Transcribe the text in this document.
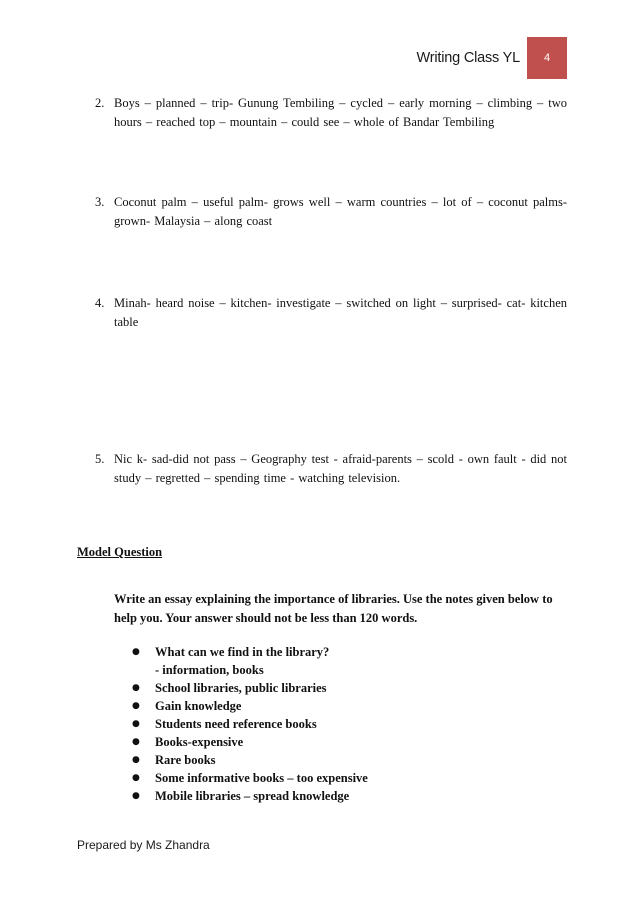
Writing Class YL 4
2. Boys – planned – trip- Gunung Tembiling – cycled – early morning – climbing – two hours – reached top – mountain – could see – whole of Bandar Tembiling
3. Coconut palm – useful palm- grows well – warm countries – lot of – coconut palms- grown- Malaysia – along coast
4. Minah- heard noise – kitchen- investigate – switched on light – surprised- cat- kitchen table
5. Nic k- sad-did not pass – Geography test - afraid-parents – scold - own fault - did not study – regretted – spending time - watching television.
Model Question
Write an essay explaining the importance of libraries. Use the notes given below to help you. Your answer should not be less than 120 words.
●	What can we find in the library?
- information, books
●	School libraries, public libraries
●	Gain knowledge
●	Students need reference books
●	Books-expensive
●	Rare books
●	Some informative books – too expensive
●	Mobile libraries – spread knowledge
Prepared by Ms Zhandra
